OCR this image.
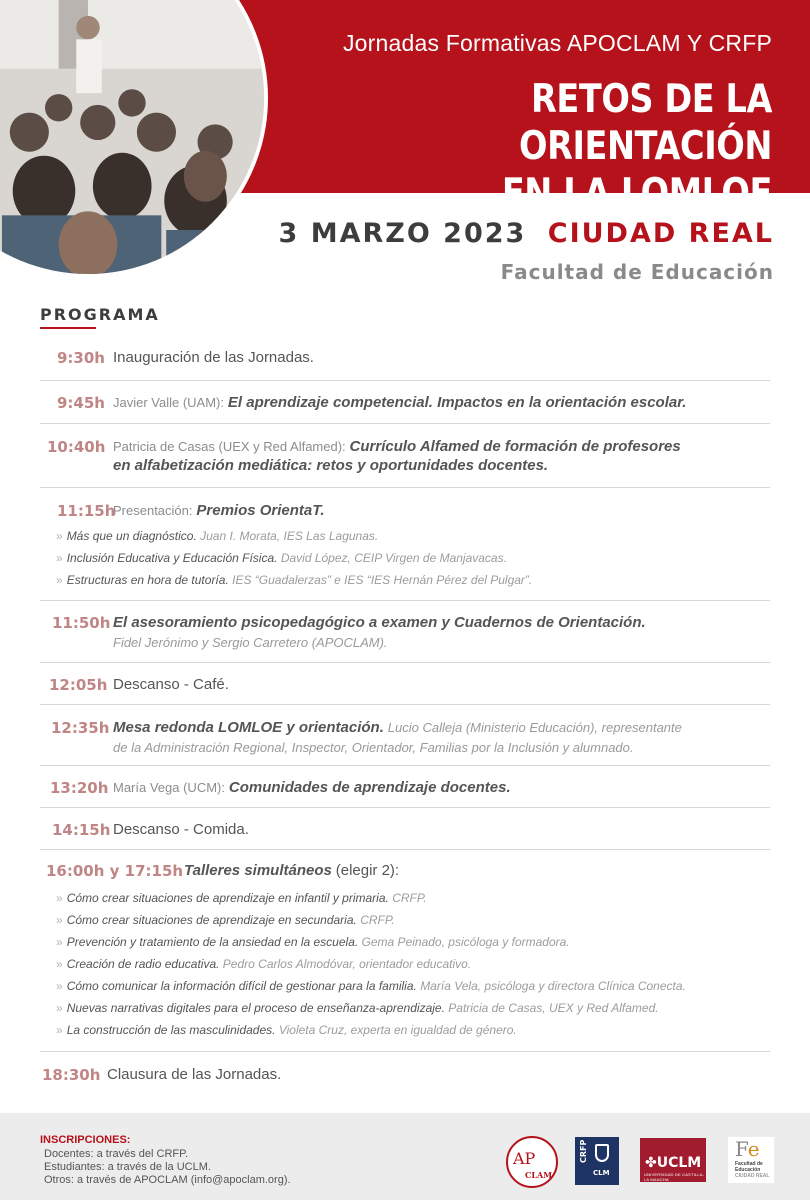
Jornadas Formativas APOCLAM Y CRFP
RETOS DE LA ORIENTACIÓN
EN LA LOMLOE
3 MARZO 2023 CIUDAD REAL
Facultad de Educación
PROGRAMA
9:30h Inauguración de las Jornadas.
9:45h Javier Valle (UAM): El aprendizaje competencial. Impactos en la orientación escolar.
10:40h Patricia de Casas (UEX y Red Alfamed): Currículo Alfamed de formación de profesores
en alfabetización mediática: retos y oportunidades docentes.
11:15h
Presentación: Premios OrientaT.
» Más que un diagnóstico. Juan I. Morata, IES Las Lagunas.
» Inclusión Educativa y Educación Física. David López, CEIP Virgen de Manjavacas.
» Estructuras en hora de tutoría. IES “Guadalerzas” e IES “IES Hernán Pérez del Pulgar”.
11:50h El asesoramiento psicopedagógico a examen y Cuadernos de Orientación.
Fidel Jerónimo y Sergio Carretero (APOCLAM).
12:05h Descanso - Café.
12:35h Mesa redonda LOMLOE y orientación. Lucio Calleja (Ministerio Educación), representante
de la Administración Regional, Inspector, Orientador, Familias por la Inclusión y alumnado.
13:20h María Vega (UCM): Comunidades de aprendizaje docentes.
14:15h Descanso - Comida.
16:00h y 17:15h Talleres simultáneos (elegir 2):
» Cómo crear situaciones de aprendizaje en infantil y primaria. CRFP.
» Cómo crear situaciones de aprendizaje en secundaria. CRFP.
» Prevención y tratamiento de la ansiedad en la escuela. Gema Peinado, psicóloga y formadora.
» Creación de radio educativa. Pedro Carlos Almodóvar, orientador educativo.
» Cómo comunicar la información difícil de gestionar para la familia. María Vela, psicóloga y directora Clínica Conecta.
» Nuevas narrativas digitales para el proceso de enseñanza-aprendizaje. Patricia de Casas, UEX y Red Alfamed.
» La construcción de las masculinidades. Violeta Cruz, experta en igualdad de género.
18:30h Clausura de las Jornadas.
INSCRIPCIONES:
Docentes: a través del CRFP.
Estudiantes: a través de la UCLM.
Otros: a través de APOCLAM (info@apoclam.org).
AP
CLAM
CRFP
CLM
✤UCLM
UNIVERSIDAD DE CASTILLA-LA MANCHA
Fe
Facultad de
Educación
CIUDAD REAL
